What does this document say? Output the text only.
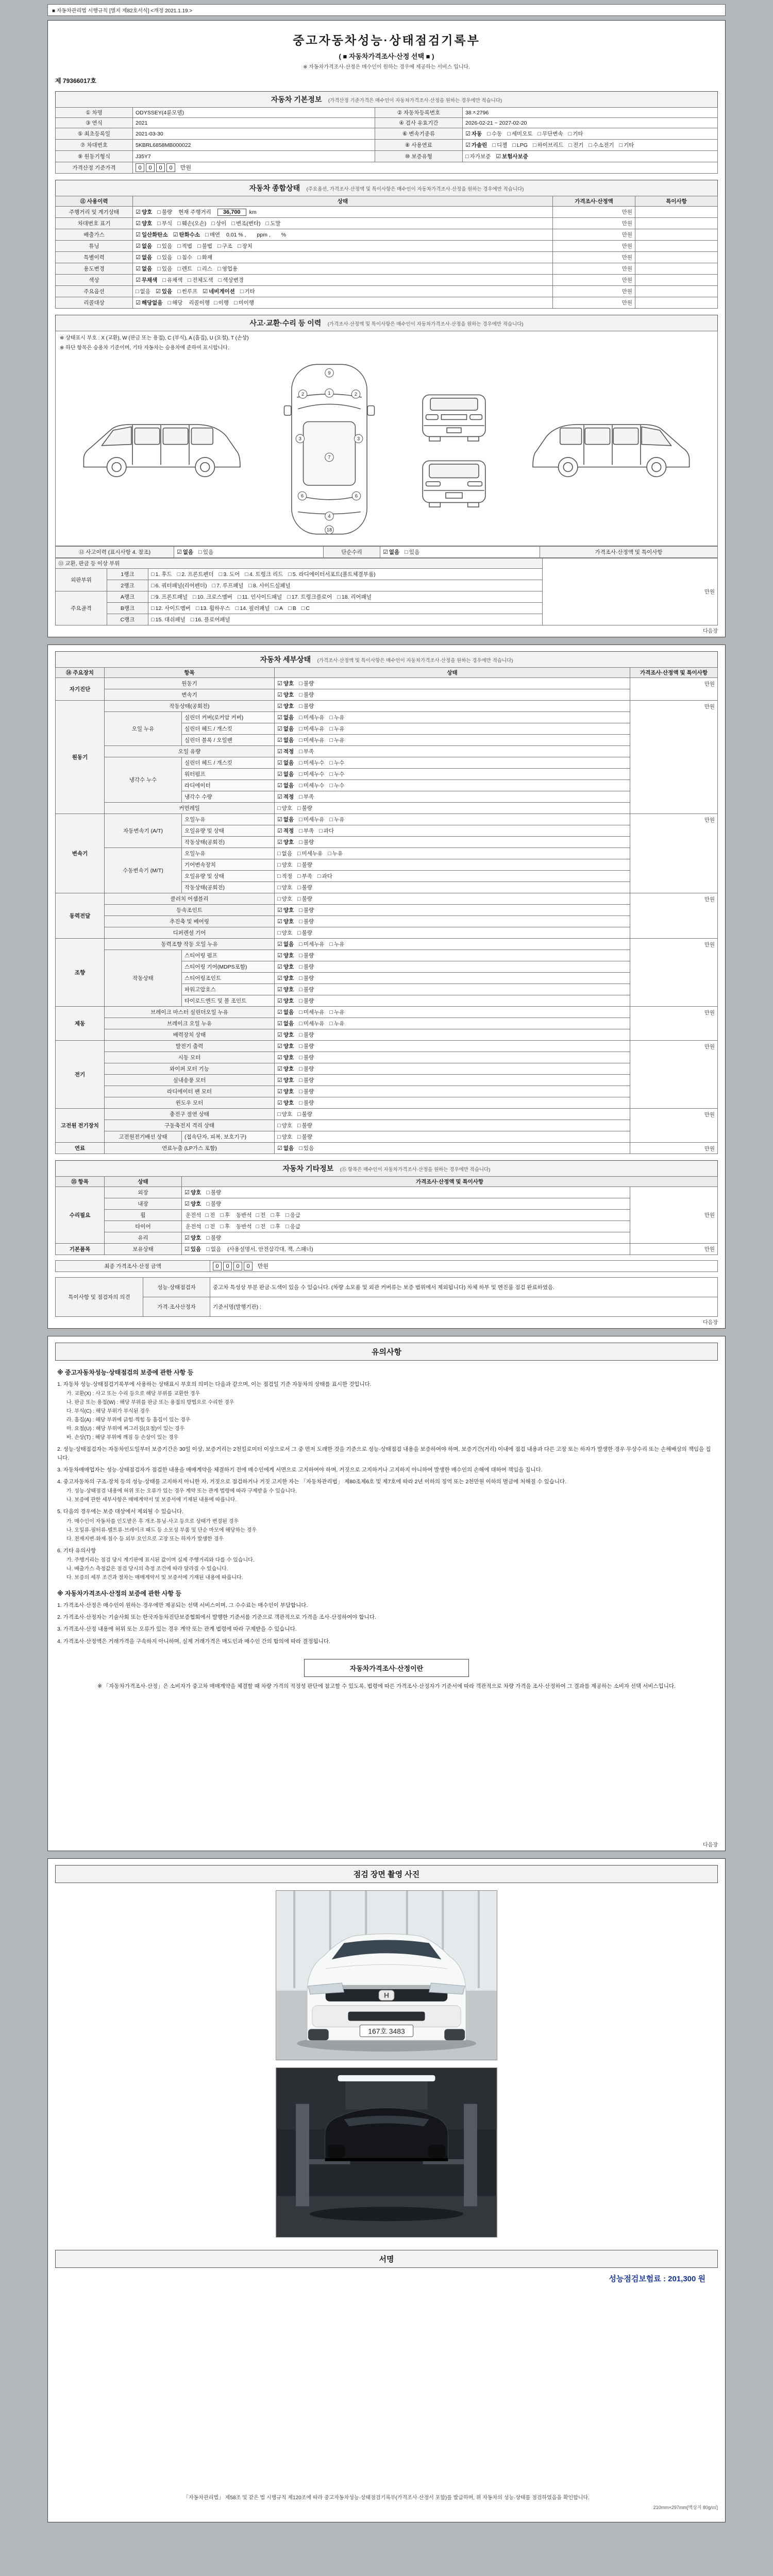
■ 자동차관리법 시행규칙 [별지 제82호서식] <개정 2021.1.19.>
중고자동차성능·상태점검기록부
( ■ 자동차가격조사·산정 선택 ■ )
※ 자동차가격조사·산정은 매수인이 원하는 경우에 제공하는 서비스 입니다.
제 79366017호
자동차 기본정보 (가격산정 기준가격은 매수인이 자동차가격조사·산정을 원하는 경우에만 적습니다)
① 차명	ODYSSEY(4륜모델)	② 자동차등록번호	38ㅈ2796
③ 연식	2021	④ 검사 유효기간	2026-02-21 ~ 2027-02-20
⑤ 최초등록일	2021-03-30	⑥ 변속기종류	☑ 자동 □ 수동 □ 세미오토 □ 무단변속 □ 기타
⑦ 차대번호	5KBRL6858MB000022	⑧ 사용연료	☑ 가솔린 □ 디젤 □ LPG □ 하이브리드 □ 전기 □ 수소전기 □ 기타
⑨ 원동기형식	J35Y7	⑩ 보증유형	□ 자가보증 ☑ 보험사보증
가격산정 기준가격	0 0 0 0 만원		
자동차 종합상태 (주요옵션, 가격조사·산정액 및 특이사항은 매수인이 자동차가격조사·산정을 원하는 경우에만 적습니다)
⑪ 사용이력	상태	가격조사·산정액	특이사항
주행거리 및 계기상태	☑ 양호 □ 불량 현재 주행거리 36,700 km	만원	
차대번호 표기	☑ 양호 □ 부식 □ 훼손(오손) □ 상이 □ 변조(변타) □ 도말	만원	
배출가스	☑ 일산화탄소 ☑ 탄화수소 □ 매연 0.01 % ,　　ppm ,　　%	만원	
튜닝	☑ 없음 □ 있음 □ 적법 □ 불법 □ 구조 □ 장치	만원	
특별이력	☑ 없음 □ 있음 □ 침수 □ 화재	만원	
용도변경	☑ 없음 □ 있음 □ 렌트 □ 리스 □ 영업용	만원	
색상	☑ 무채색 □ 유채색 □ 전체도색 □ 색상변경	만원	
주요옵션	□ 없음 ☑ 있음 □ 썬루프 ☑ 네비게이션 □ 기타	만원	
리콜대상	☑ 해당없음 □ 해당 리콜이행 □ 이행 □ 미이행	만원	
사고·교환·수리 등 이력 (가격조사·산정액 및 특이사항은 매수인이 자동차가격조사·산정을 원하는 경우에만 적습니다)
※ 상태표시 부호 : X (교환), W (판금 또는 용접), C (부식), A (흠집), U (요철), T (손상)
※ 하단 항목은 승용차 기준이며, 기타 자동차는 승용차에 준하여 표시합니다.
9
1
2	2
3	3
7
6	6
4
18
⑫ 사고이력 (표시사항 4. 참조)	☑ 없음 □ 있음	단순수리	☑ 없음 □ 있음	가격조사·산정액 및 특이사항
⑬ 교환, 판금 등 이상 부위			만원
외판부위	1랭크	□ 1. 후드 □ 2. 프론트펜더 □ 3. 도어 □ 4. 트렁크 리드 □ 5. 라디에이터서포트(볼트체결부품)	
	2랭크	□ 6. 쿼터패널(리어펜더) □ 7. 루프패널 □ 8. 사이드실패널	
주요골격	A랭크	□ 9. 프론트패널 □ 10. 크로스멤버 □ 11. 인사이드패널 □ 17. 트렁크플로어 □ 18. 리어패널	
	B랭크	□ 12. 사이드멤버 □ 13. 휠하우스 □ 14. 필러패널 □ A □ B □ C	
	C랭크	□ 15. 대쉬패널 □ 16. 플로어패널	
다음장
자동차 세부상태 (가격조사·산정액 및 특이사항은 매수인이 자동차가격조사·산정을 원하는 경우에만 적습니다)
⑭ 주요장치	항목		상태	가격조사·산정액 및 특이사항
자기진단	원동기		☑ 양호 □ 불량	만원
	변속기		☑ 양호 □ 불량	
원동기	작동상태(공회전)		☑ 양호 □ 불량	만원
	오일 누유	실린더 커버(로커암 커버)	☑ 없음 □ 미세누유 □ 누유	
		실린더 헤드 / 개스킷	☑ 없음 □ 미세누유 □ 누유	
		실린더 블록 / 오일팬	☑ 없음 □ 미세누유 □ 누유	
	오일 유량		☑ 적정 □ 부족	
	냉각수 누수	실린더 헤드 / 개스킷	☑ 없음 □ 미세누수 □ 누수	
		워터펌프	☑ 없음 □ 미세누수 □ 누수	
		라디에이터	☑ 없음 □ 미세누수 □ 누수	
		냉각수 수량	☑ 적정 □ 부족	
	커먼레일		□ 양호 □ 불량	
변속기	자동변속기 (A/T)	오일누유	☑ 없음 □ 미세누유 □ 누유	만원
		오일유량 및 상태	☑ 적정 □ 부족 □ 과다	
		작동상태(공회전)	☑ 양호 □ 불량	
	수동변속기 (M/T)	오일누유	□ 없음 □ 미세누유 □ 누유	
		기어변속장치	□ 양호 □ 불량	
		오일유량 및 상태	□ 적정 □ 부족 □ 과다	
		작동상태(공회전)	□ 양호 □ 불량	
동력전달	클러치 어셈블리		□ 양호 □ 불량	만원
	등속조인트		☑ 양호 □ 불량	
	추진축 및 베어링		☑ 양호 □ 불량	
	디퍼렌셜 기어		□ 양호 □ 불량	
조향	동력조향 작동 오일 누유		☑ 없음 □ 미세누유 □ 누유	만원
	작동상태	스티어링 펌프	☑ 양호 □ 불량	
		스티어링 기어(MDPS포함)	☑ 양호 □ 불량	
		스티어링조인트	☑ 양호 □ 불량	
		파워고압호스	☑ 양호 □ 불량	
		타이로드엔드 및 볼 조인트	☑ 양호 □ 불량	
제동	브레이크 마스터 실린더오일 누유		☑ 없음 □ 미세누유 □ 누유	만원
	브레이크 오일 누유		☑ 없음 □ 미세누유 □ 누유	
	배력장치 상태		☑ 양호 □ 불량	
전기	발전기 출력		☑ 양호 □ 불량	만원
	시동 모터		☑ 양호 □ 불량	
	와이퍼 모터 기능		☑ 양호 □ 불량	
	실내송풍 모터		☑ 양호 □ 불량	
	라디에이터 팬 모터		☑ 양호 □ 불량	
	윈도우 모터		☑ 양호 □ 불량	
고전원 전기장치	충전구 절연 상태		□ 양호 □ 불량	만원
	구동축전지 격리 상태		□ 양호 □ 불량	
	고전원전기배선 상태	(접속단자, 피복, 보호기구)	□ 양호 □ 불량	
연료	연료누출 (LP가스 포함)		☑ 없음 □ 있음	만원
자동차 기타정보 (⑮ 항목은 매수인이 자동차가격조사·산정을 원하는 경우에만 적습니다)
⑮ 항목	상태	가격조사·산정액 및 특이사항	
수리필요	외장	☑ 양호 □ 불량	만원
	내장	☑ 양호 □ 불량	
	휠	운전석 □ 전 □ 후 동반석 □ 전 □ 후 □ 응급	
	타이어	운전석 □ 전 □ 후 동반석 □ 전 □ 후 □ 응급	
	유리	☑ 양호 □ 불량	
기본품목	보유상태	☑ 있음 □ 없음 (사용설명서, 안전삼각대, 잭, 스패너)	만원
최종 가격조사·산정 금액	0	0	0	0	만원
특이사항 및 점검자의 의견	성능·상태점검자	중고차 특성상 부분 판금·도색이 있을 수 있습니다. (차량 소모품 및 외관 커버류는 보증 범위에서 제외됩니다) 차체 하부 및 엔진룸 점검 완료하였음.
	가격·조사산정자	기준서명(발행기관) :
다음장
유의사항
※ 중고자동차성능·상태점검의 보증에 관한 사항 등
1. 자동차 성능·상태점검기록부에 사용하는 상태표시 부호의 의미는 다음과 같으며, 이는 점검일 기준 자동차의 상태를 표시한 것입니다.
가. 교환(X) : 사고 또는 수리 등으로 해당 부위를 교환한 경우
나. 판금 또는 용접(W) : 해당 부위를 판금 또는 용접의 방법으로 수리한 경우
다. 부식(C) : 해당 부위가 부식된 경우
라. 흠집(A) : 해당 부위에 긁힘·찍힘 등 흠집이 있는 경우
마. 요철(U) : 해당 부위에 찌그러짐(요철)이 있는 경우
바. 손상(T) : 해당 부위에 깨짐 등 손상이 있는 경우
2. 성능·상태점검자는 자동차인도일부터 보증기간은 30일 이상, 보증거리는 2천킬로미터 이상으로서 그 중 먼저 도래한 것을 기준으로 성능·상태점검 내용을 보증하여야 하며, 보증기간(거리) 이내에 점검 내용과 다른 고장 또는 하자가 발생한 경우 무상수리 또는 손해배상의 책임을 집니다.
3. 자동차매매업자는 성능·상태점검자가 점검한 내용을 매매계약을 체결하기 전에 매수인에게 서면으로 고지하여야 하며, 거짓으로 고지하거나 고지하지 아니하여 발생한 매수인의 손해에 대하여 책임을 집니다.
4. 중고자동차의 구조·장치 등의 성능·상태를 고지하지 아니한 자, 거짓으로 점검하거나 거짓 고지한 자는 「자동차관리법」 제80조제6호 및 제7호에 따라 2년 이하의 징역 또는 2천만원 이하의 벌금에 처해질 수 있습니다.
가. 성능·상태점검 내용에 허위 또는 오류가 있는 경우 계약 또는 관계 법령에 따라 구제받을 수 있습니다.
나. 보증에 관한 세부사항은 매매계약서 및 보증서에 기재된 내용에 따릅니다.
5. 다음의 경우에는 보증 대상에서 제외될 수 있습니다.
가. 매수인이 자동차를 인도받은 후 개조·튜닝·사고 등으로 상태가 변경된 경우
나. 오일류·필터류·벨트류·브레이크 패드 등 소모성 부품 및 단순 마모에 해당하는 경우
다. 천재지변·화재·침수 등 외부 요인으로 고장 또는 하자가 발생한 경우
6. 기타 유의사항
가. 주행거리는 점검 당시 계기판에 표시된 값이며 실제 주행거리와 다를 수 있습니다.
나. 배출가스 측정값은 점검 당시의 측정 조건에 따라 달라질 수 있습니다.
다. 보증의 세부 조건과 절차는 매매계약서 및 보증서에 기재된 내용에 따릅니다.
※ 자동차가격조사·산정의 보증에 관한 사항 등
1. 가격조사·산정은 매수인이 원하는 경우에만 제공되는 선택 서비스이며, 그 수수료는 매수인이 부담합니다.
2. 가격조사·산정자는 기술사회 또는 한국자동차진단보증협회에서 발행한 기준서를 기준으로 객관적으로 가격을 조사·산정하여야 합니다.
3. 가격조사·산정 내용에 허위 또는 오류가 있는 경우 계약 또는 관계 법령에 따라 구제받을 수 있습니다.
4. 가격조사·산정액은 거래가격을 구속하지 아니하며, 실제 거래가격은 매도인과 매수인 간의 합의에 따라 결정됩니다.
자동차가격조사·산정이란
※ 「자동차가격조사·산정」은 소비자가 중고차 매매계약을 체결할 때 차량 가격의 적정성 판단에 참고할 수 있도록, 법령에 따른 가격조사·산정자가 기준서에 따라 객관적으로 차량 가격을 조사·산정하여 그 결과를 제공하는 소비자 선택 서비스입니다.
다음장
점검 장면 촬영 사진
H
167호 3483
서명
성능점검보험료 : 201,300 원
「자동차관리법」 제58조 및 같은 법 시행규칙 제120조에 따라 중고자동차성능·상태점검기록부(가격조사·산정서 포함)를 발급하며, 위 자동차의 성능·상태를 점검하였음을 확인합니다.
210mm×297mm[백상지 80g/㎡]
